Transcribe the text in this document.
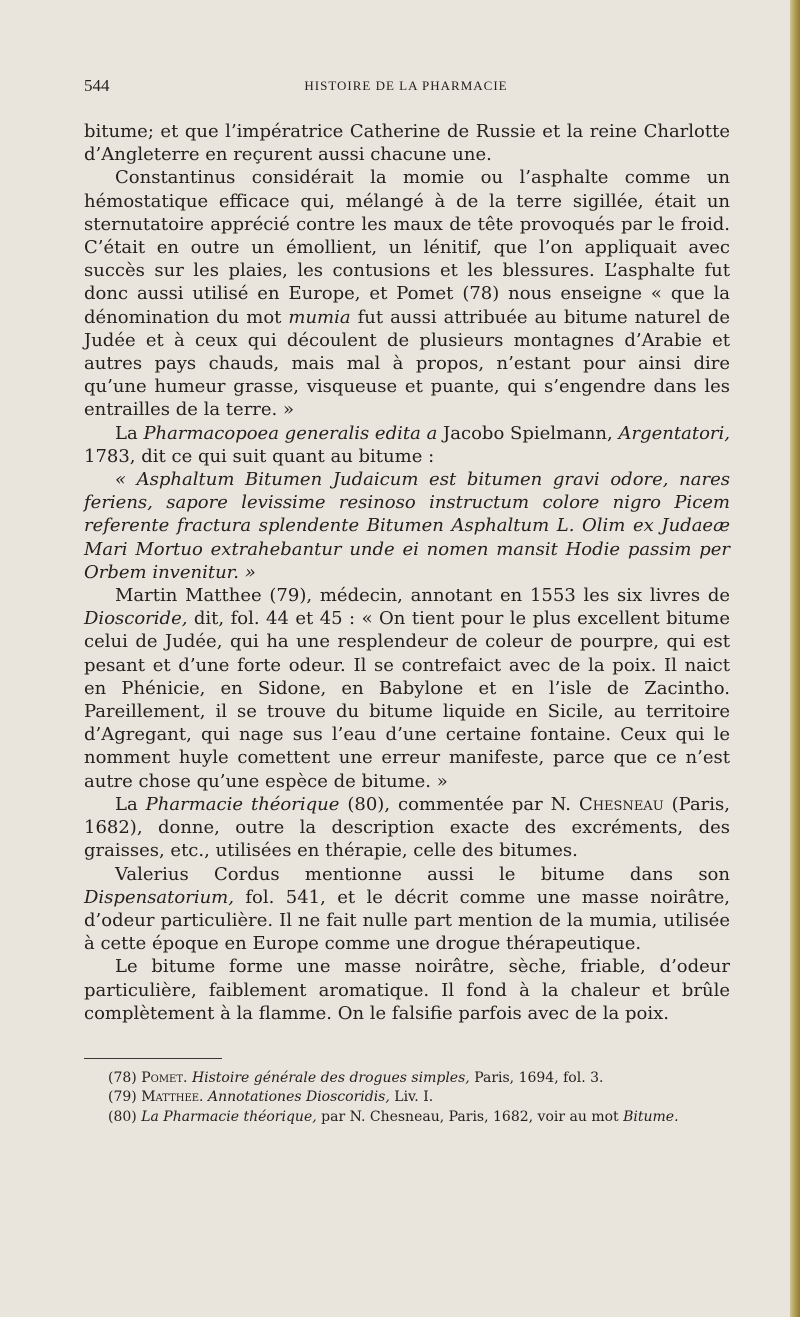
544	HISTOIRE DE LA PHARMACIE

bitume; et que l’impératrice Catherine de Russie et la reine Charlotte d’Angleterre en reçurent aussi chacune une.

Constantinus considérait la momie ou l’asphalte comme un hémostatique efficace qui, mélangé à de la terre sigillée, était un sternutatoire apprécié contre les maux de tête provoqués par le froid. C’était en outre un émollient, un lénitif, que l’on appliquait avec succès sur les plaies, les contusions et les blessures. L’asphalte fut donc aussi utilisé en Europe, et Pomet (78) nous enseigne « que la dénomination du mot mumia fut aussi attribuée au bitume naturel de Judée et à ceux qui découlent de plusieurs montagnes d’Arabie et autres pays chauds, mais mal à propos, n’estant pour ainsi dire qu’une humeur grasse, visqueuse et puante, qui s’engendre dans les entrailles de la terre. »

La Pharmacopoea generalis edita a Jacobo Spielmann, Argentatori, 1783, dit ce qui suit quant au bitume :

« Asphaltum Bitumen Judaicum est bitumen gravi odore, nares feriens, sapore levissime resinoso instructum colore nigro Picem referente fractura splendente Bitumen Asphaltum L. Olim ex Judaeæ Mari Mortuo extrahebantur unde ei nomen mansit Hodie passim per Orbem invenitur. »

Martin Matthee (79), médecin, annotant en 1553 les six livres de Dioscoride, dit, fol. 44 et 45 : « On tient pour le plus excellent bitume celui de Judée, qui ha une resplendeur de coleur de pourpre, qui est pesant et d’une forte odeur. Il se contrefaict avec de la poix. Il naict en Phénicie, en Sidone, en Babylone et en l’isle de Zacintho. Pareillement, il se trouve du bitume liquide en Sicile, au territoire d’Agregant, qui nage sus l’eau d’une certaine fontaine. Ceux qui le nomment huyle comettent une erreur manifeste, parce que ce n’est autre chose qu’une espèce de bitume. »

La Pharmacie théorique (80), commentée par N. Chesneau (Paris, 1682), donne, outre la description exacte des excréments, des graisses, etc., utilisées en thérapie, celle des bitumes.

Valerius Cordus mentionne aussi le bitume dans son Dispensatorium, fol. 541, et le décrit comme une masse noirâtre, d’odeur particulière. Il ne fait nulle part mention de la mumia, utilisée à cette époque en Europe comme une drogue thérapeutique.

Le bitume forme une masse noirâtre, sèche, friable, d’odeur particulière, faiblement aromatique. Il fond à la chaleur et brûle complètement à la flamme. On le falsifie parfois avec de la poix.

(78) Pomet. Histoire générale des drogues simples, Paris, 1694, fol. 3.

(79) Matthee. Annotationes Dioscoridis, Liv. I.

(80) La Pharmacie théorique, par N. Chesneau, Paris, 1682, voir au mot Bitume.
